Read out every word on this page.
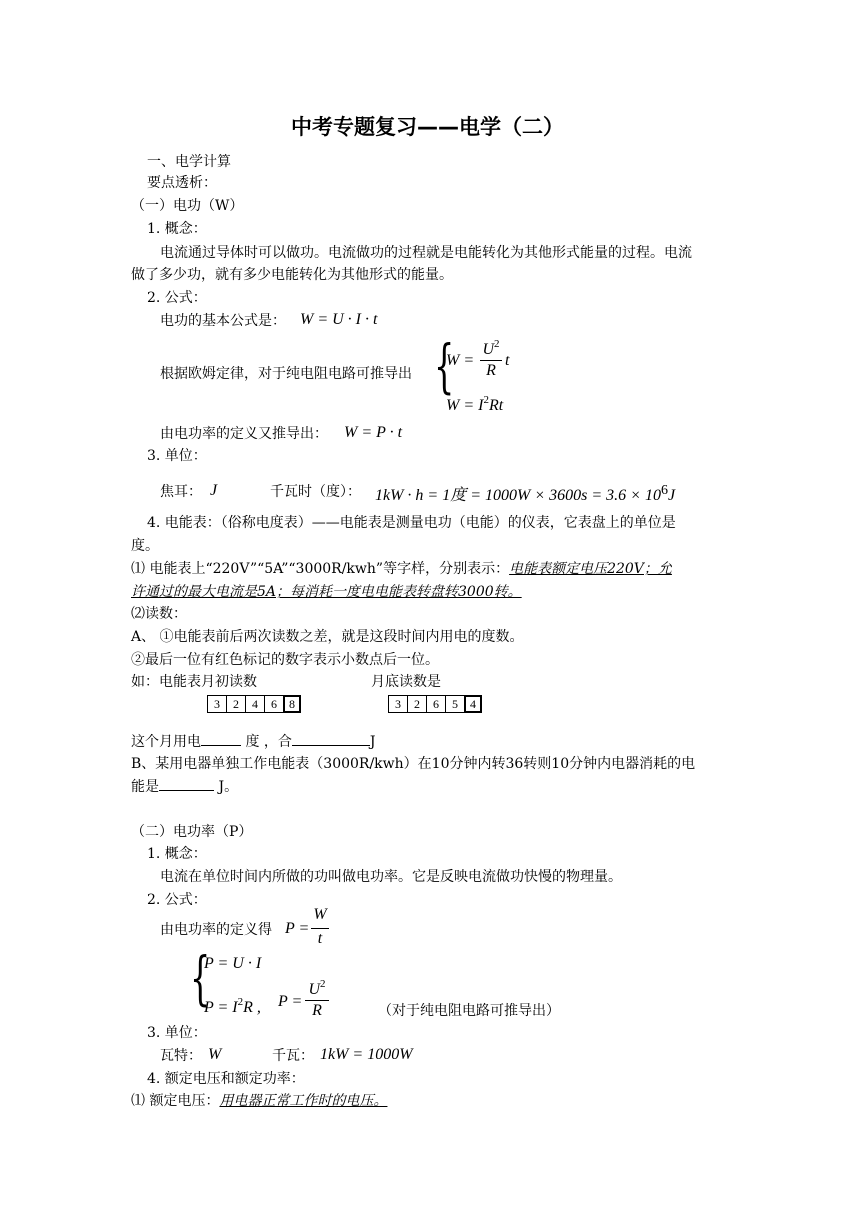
中考专题复习——电学（二）
一、电学计算
要点透析：
（一）电功（W）
1. 概念：
电流通过导体时可以做功。电流做功的过程就是电能转化为其他形式能量的过程。电流
做了多少功，就有多少电能转化为其他形式的能量。
2. 公式：
电功的基本公式是： W = U · I · t
根据欧姆定律，对于纯电阻电路可推导出 {
W =
$U^2$
R
t
$W = I^2Rt$
由电功率的定义又推导出： W = P · t
3. 单位：
焦耳： J	千瓦时（度）： 1kW · h = 1度 = 1000W × 3600s = 3.6 × 106J
4. 电能表：（俗称电度表）——电能表是测量电功（电能）的仪表，它表盘上的单位是
度。
⑴ 电能表上“220V”“5A”“3000R/kwh”等字样，分别表示：电能表额定电压220V；允
许通过的最大电流是5A；每消耗一度电电能表转盘转3000转。
⑵读数：
A、 ①电能表前后两次读数之差，就是这段时间内用电的度数。
②最后一位有红色标记的数字表示小数点后一位。
如：电能表月初读数	月底读数是
3	2	4	6	8	3	2	6	5	4
这个月用电	度 ，合	J
B、某用电器单独工作电能表（3000R/kwh）在10分钟内转36转则10分钟内电器消耗的电
能是	J。
（二）电功率（P）
1. 概念：
电流在单位时间内所做的功叫做电功率。它是反映电流做功快慢的物理量。
2. 公式：
由电功率的定义得 P =
W
t
{
P = U · I
$P = I^2R$ , P =
$U^2$
R	（对于纯电阻电路可推导出）
3. 单位：
瓦特： W	千瓦： 1kW = 1000W
4. 额定电压和额定功率：
⑴ 额定电压：用电器正常工作时的电压。
